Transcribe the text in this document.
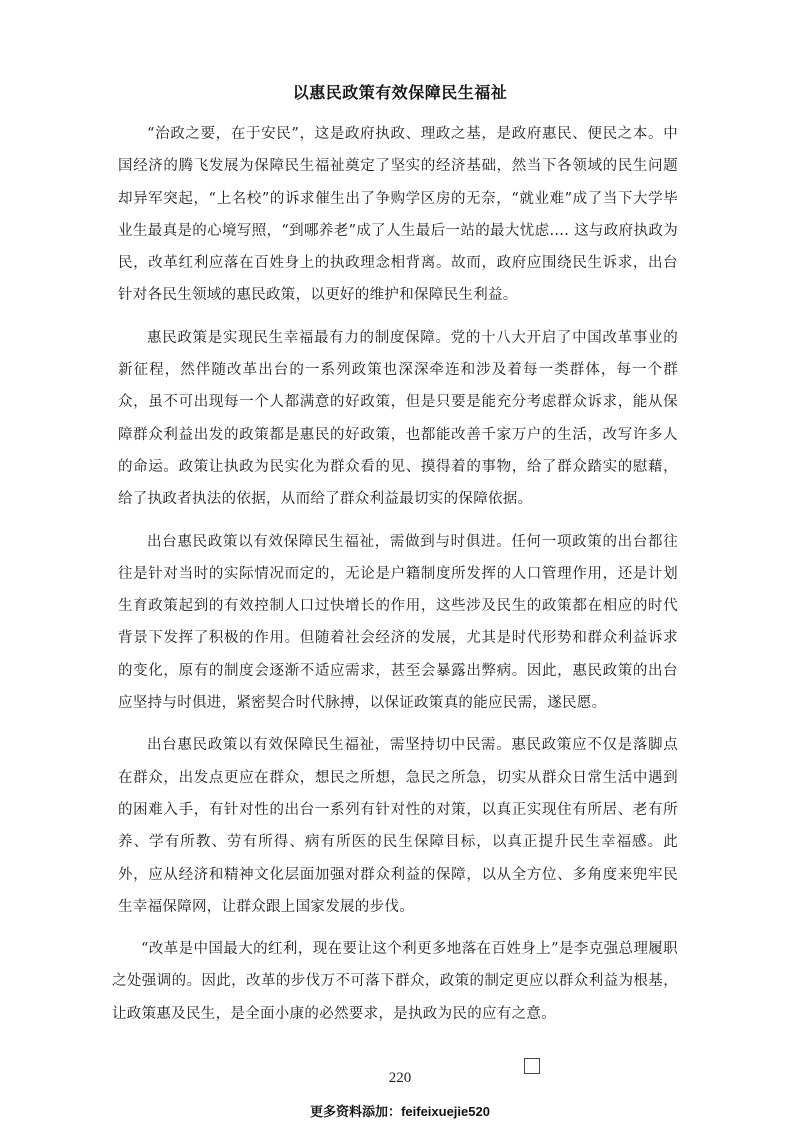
以惠民政策有效保障民生福祉

“治政之要，在于安民”，这是政府执政、理政之基，是政府惠民、便民之本。中国经济的腾飞发展为保障民生福祉奠定了坚实的经济基础，然当下各领域的民生问题却异军突起，“上名校”的诉求催生出了争购学区房的无奈，“就业难”成了当下大学毕业生最真是的心境写照，“到哪养老”成了人生最后一站的最大忧虑.... 这与政府执政为民，改革红利应落在百姓身上的执政理念相背离。故而，政府应围绕民生诉求，出台针对各民生领域的惠民政策，以更好的维护和保障民生利益。

惠民政策是实现民生幸福最有力的制度保障。党的十八大开启了中国改革事业的新征程，然伴随改革出台的一系列政策也深深牵连和涉及着每一类群体，每一个群众，虽不可出现每一个人都满意的好政策，但是只要是能充分考虑群众诉求，能从保障群众利益出发的政策都是惠民的好政策，也都能改善千家万户的生活，改写许多人的命运。政策让执政为民实化为群众看的见、摸得着的事物，给了群众踏实的慰藉，给了执政者执法的依据，从而给了群众利益最切实的保障依据。

出台惠民政策以有效保障民生福祉，需做到与时俱进。任何一项政策的出台都往往是针对当时的实际情况而定的，无论是户籍制度所发挥的人口管理作用，还是计划生育政策起到的有效控制人口过快增长的作用，这些涉及民生的政策都在相应的时代背景下发挥了积极的作用。但随着社会经济的发展，尤其是时代形势和群众利益诉求的变化，原有的制度会逐渐不适应需求，甚至会暴露出弊病。因此，惠民政策的出台应坚持与时俱进，紧密契合时代脉搏，以保证政策真的能应民需，遂民愿。

出台惠民政策以有效保障民生福祉，需坚持切中民需。惠民政策应不仅是落脚点在群众，出发点更应在群众，想民之所想，急民之所急，切实从群众日常生活中遇到的困难入手，有针对性的出台一系列有针对性的对策，以真正实现住有所居、老有所养、学有所教、劳有所得、病有所医的民生保障目标，以真正提升民生幸福感。此外，应从经济和精神文化层面加强对群众利益的保障，以从全方位、多角度来兜牢民生幸福保障网，让群众跟上国家发展的步伐。

“改革是中国最大的红利，现在要让这个利更多地落在百姓身上”是李克强总理履职之处强调的。因此，改革的步伐万不可落下群众，政策的制定更应以群众利益为根基，让政策惠及民生，是全面小康的必然要求，是执政为民的应有之意。

220
更多资料添加：feifeixuejie520
